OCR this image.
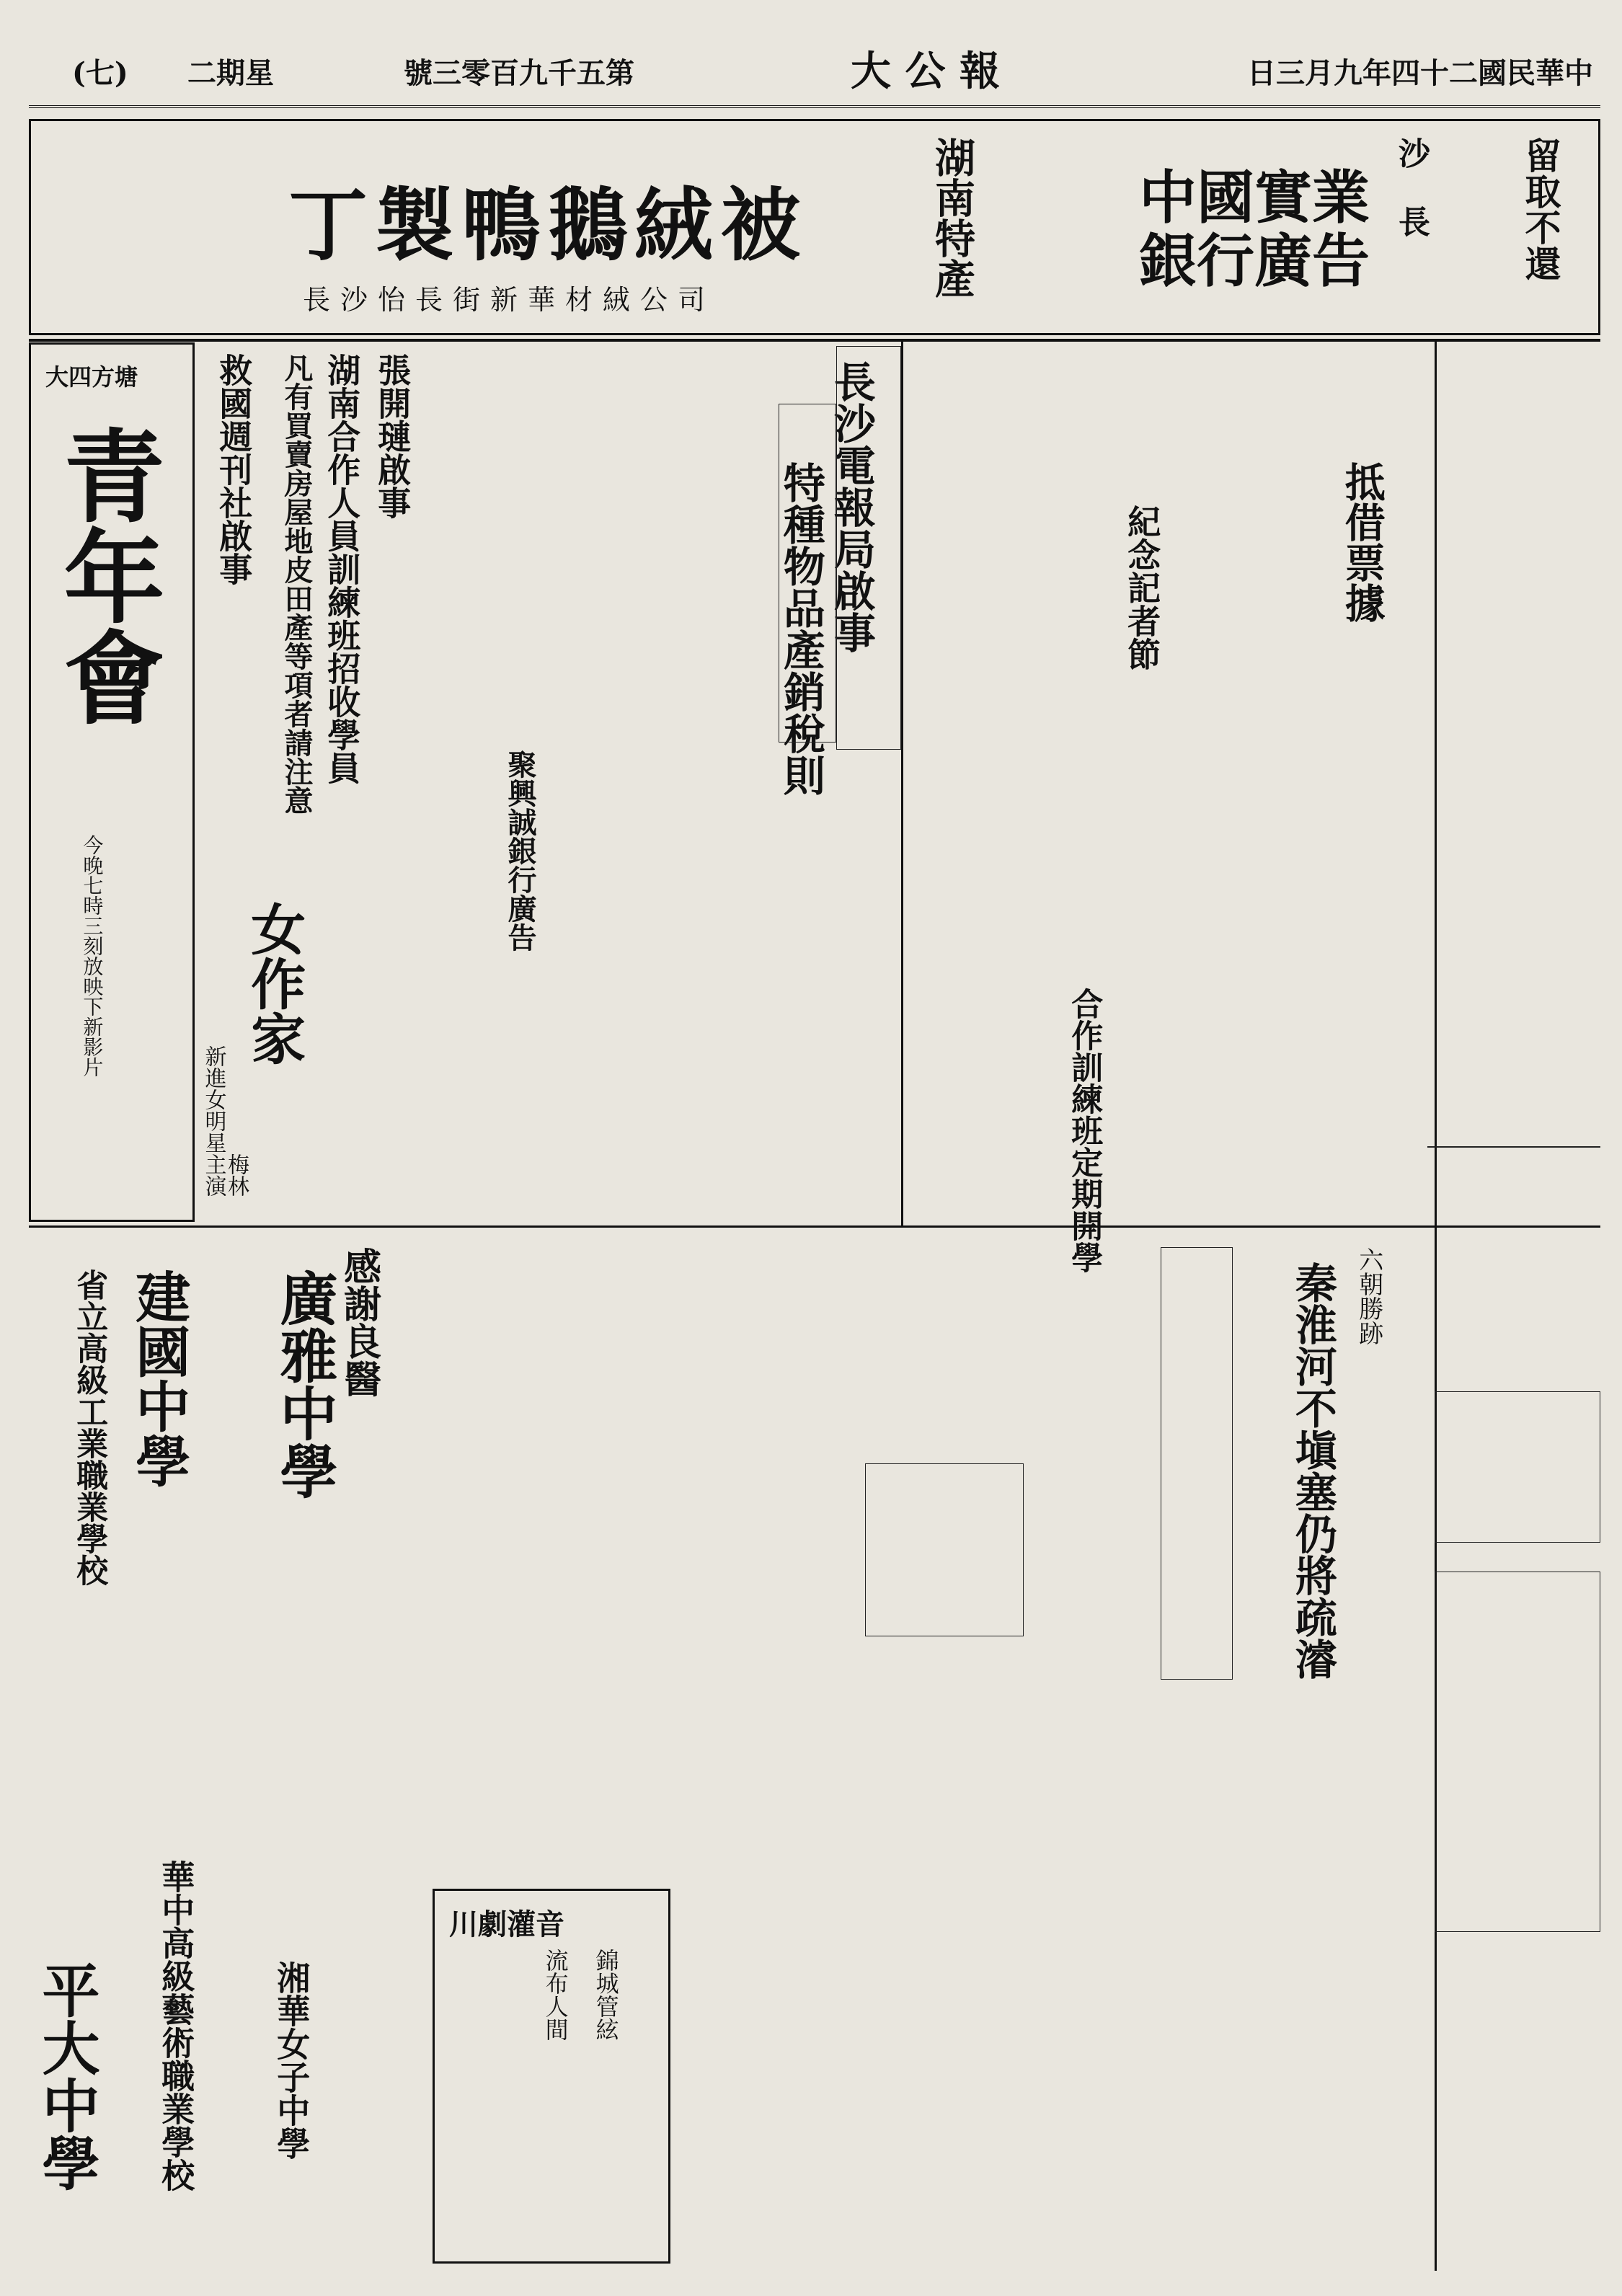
日三月九年四十二國民華中
大 公 報
號三零百九千五第
二期星
(七)
湖南特產
丁製鴨鵝絨被
長沙怡長街新華材絨公司
沙 長
中國實業銀行廣告	留取不還
大四方塘
青年會
今晚七時三刻放映下新影片	女作家
新進女明星
梅林 主演
長沙電報局啟事
特種物品產銷稅則	抵借票據
紀念記者節
張開璉啟事
湖南合作人員訓練班招收學員
救國週刊社啟事 凡有買賣房屋地皮田產等項者請注意
聚興誠銀行廣告
合作訓練班定期開學
秦淮河不塡塞仍將疏濬 六朝勝跡
感謝良醫
建國中學 廣雅中學
平大中學 華中高級藝術職業學校 湘華女子中學
省立高級工業職業學校
川劇灌音
錦城管絃
流布人間
